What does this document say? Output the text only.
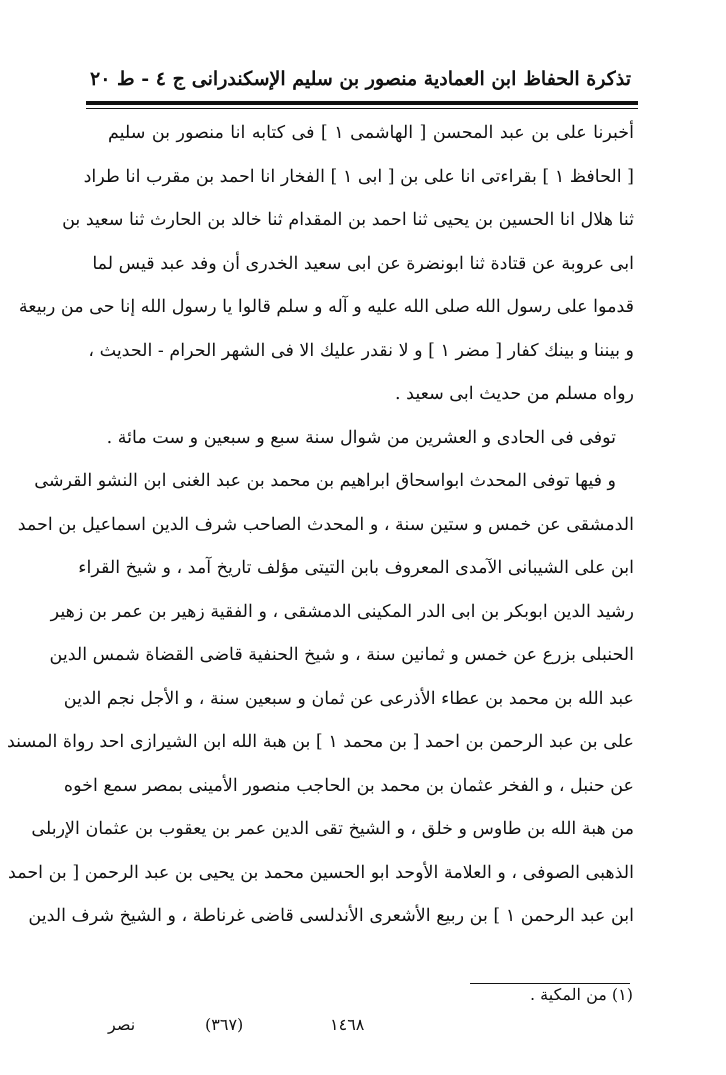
تذكرة الحفاظ
ابن العمادية منصور بن سليم الإسكندرانى
ج ٤ - ط ٢٠
أخبرنا على بن عبد المحسن [ الهاشمى ١ ] فى كتابه انا منصور بن سليم
[ الحافظ ١ ] بقراءتى انا على بن [ ابى ١ ] الفخار انا احمد بن مقرب انا طراد
ثنا هلال انا الحسين بن يحيى ثنا احمد بن المقدام ثنا خالد بن الحارث ثنا سعيد بن
ابى عروبة عن قتادة ثنا ابونضرة عن ابى سعيد الخدرى أن وفد عبد قيس لما
قدموا على رسول الله صلى الله عليه و آله و سلم قالوا يا رسول الله إنا حى من ربيعة
و بيننا و بينك كفار [ مضر ١ ] و لا نقدر عليك الا فى الشهر الحرام - الحديث ،
رواه مسلم من حديث ابى سعيد .
توفى فى الحادى و العشرين من شوال سنة سبع و سبعين و ست مائة .
و فيها توفى المحدث ابواسحاق ابراهيم بن محمد بن عبد الغنى ابن النشو القرشى
الدمشقى عن خمس و ستين سنة ، و المحدث الصاحب شرف الدين اسماعيل بن احمد
ابن على الشيبانى الآمدى المعروف بابن التيتى مؤلف تاريخ آمد ، و شيخ القراء
رشيد الدين ابوبكر بن ابى الدر المكينى الدمشقى ، و الفقية زهير بن عمر بن زهير
الحنبلى بزرع عن خمس و ثمانين سنة ، و شيخ الحنفية قاضى القضاة شمس الدين
عبد الله بن محمد بن عطاء الأذرعى عن ثمان و سبعين سنة ، و الأجل نجم الدين
على بن عبد الرحمن بن احمد [ بن محمد ١ ] بن هبة الله ابن الشيرازى احد رواة المسند
عن حنبل ، و الفخر عثمان بن محمد بن الحاجب منصور الأمينى بمصر سمع اخوه
من هبة الله بن طاوس و خلق ، و الشيخ تقى الدين عمر بن يعقوب بن عثمان الإربلى
الذهبى الصوفى ، و العلامة الأوحد ابو الحسين محمد بن يحيى بن عبد الرحمن [ بن احمد
ابن عبد الرحمن ١ ] بن ربيع الأشعرى الأندلسى قاضى غرناطة ، و الشيخ شرف الدين
(١) من المكية .
١٤٦٨
(٣٦٧)
نصر
